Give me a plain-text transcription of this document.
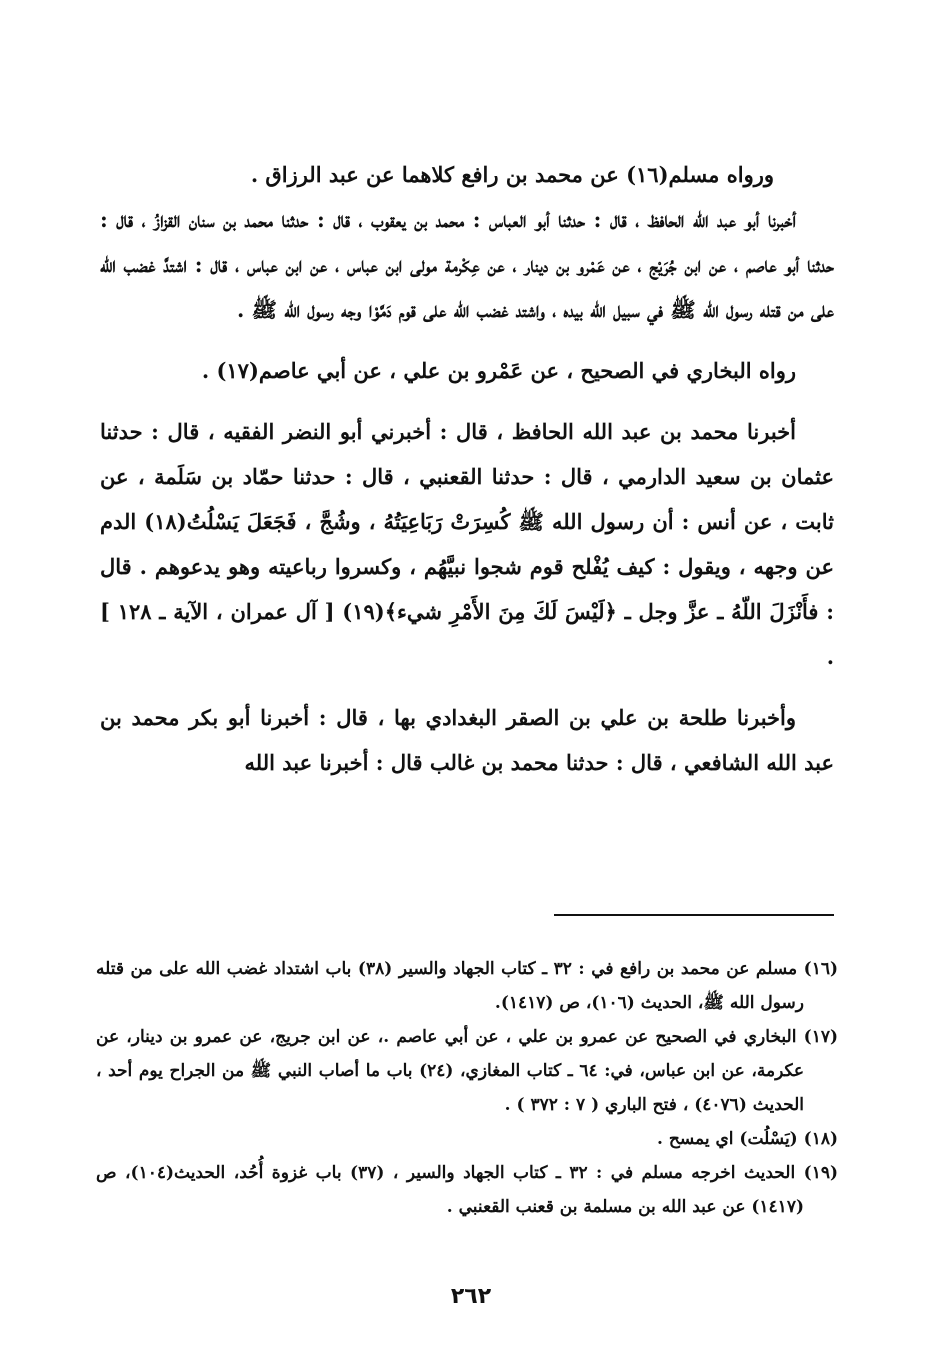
ورواه مسلم(١٦) عن محمد بن رافع كلاهما عن عبد الرزاق .

أخبرنا أبو عبد الله الحافظ ، قال : حدثنا أبو العباس : محمد بن يعقوب ، قال : حدثنا محمد بن سنان القزازُ ، قال : حدثنا أبو عاصم ، عن ابن جُرَيْج ، عن عَمْرو بن دينار ، عن عِكْرمة مولى ابن عباس ، عن ابن عباس ، قال : اشتدَّ غضب الله على من قتله رسول الله ﷺ في سبيل الله بيده ، واشتد غضب الله على قوم دَمَّوْا وجه رسول الله ﷺ .

رواه البخاري في الصحيح ، عن عَمْرو بن علي ، عن أبي عاصم(١٧) .

أخبرنا محمد بن عبد الله الحافظ ، قال : أخبرني أبو النضر الفقيه ، قال : حدثنا عثمان بن سعيد الدارمي ، قال : حدثنا القعنبي ، قال : حدثنا حمّاد بن سَلَمة ، عن ثابت ، عن أنس : أن رسول الله ﷺ كُسِرَتْ رَبَاعِيَتُهُ ، وشُجَّ ، فَجَعَلَ يَسْلُتُ(١٨) الدم عن وجهه ، ويقول : كيف يُفْلح قوم شجوا نبيَّهُم ، وكسروا رباعيته وهو يدعوهم . قال : فأَنْزَلَ اللّهُ ـ عزَّ وجل ـ ﴿لَيْسَ لَكَ مِنَ الأَمْرِ شيء﴾(١٩) [ آل عمران ، الآية ـ ١٢٨ ] .

وأخبرنا طلحة بن علي بن الصقر البغدادي بها ، قال : أخبرنا أبو بكر محمد بن عبد الله الشافعي ، قال : حدثنا محمد بن غالب قال : أخبرنا عبد الله

(١٦) مسلم عن محمد بن رافع في : ٣٢ ـ كتاب الجهاد والسير (٣٨) باب اشتداد غضب الله على من قتله رسول الله ﷺ، الحديث (١٠٦)، ص (١٤١٧).

(١٧) البخاري في الصحيح عن عمرو بن علي ، عن أبي عاصم .، عن ابن جريج، عن عمرو بن دينار، عن عكرمة، عن ابن عباس، في: ٦٤ ـ كتاب المغازي، (٢٤) باب ما أصاب النبي ﷺ من الجراح يوم أحد ، الحديث (٤٠٧٦) ، فتح الباري ( ٧ : ٣٧٢ ) .

(١٨) (يَسْلُت) اي يمسح .

(١٩) الحديث اخرجه مسلم في : ٣٢ ـ كتاب الجهاد والسير ، (٣٧) باب غزوة أُحُد، الحديث(١٠٤)، ص (١٤١٧) عن عبد الله بن مسلمة بن قعنب القعنبي .

٢٦٢
